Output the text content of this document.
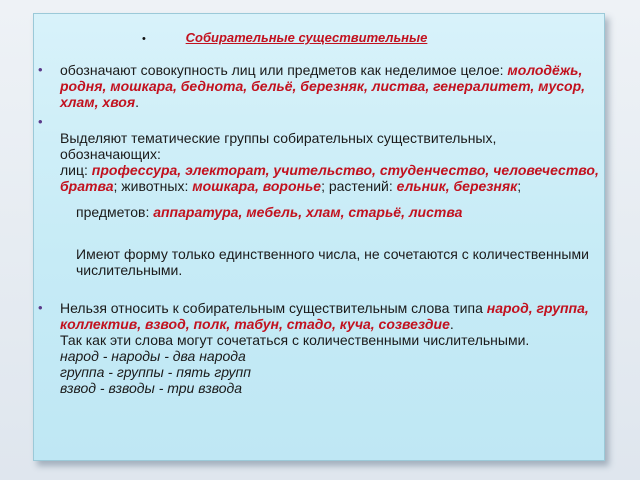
•	Собирательные существительные
• обозначают совокупность лиц или предметов как неделимое целое: молодёжь, родня, мошкара, беднота, бельё, березняк, листва, генералитет, мусор, хлам, хвоя.
•
Выделяют тематические группы собирательных существительных, обозначающих:
лиц: профессура, электорат, учительство, студенчество, человечество, братва; животных: мошкара, воронье; растений: ельник, березняк;
предметов: аппаратура, мебель, хлам, старьё, листва
Имеют форму только единственного числа, не сочетаются с количественными числительными.
• Нельзя относить к собирательным существительным слова типа народ, группа, коллектив, взвод, полк, табун, стадо, куча, созвездие.
Так как эти слова могут сочетаться с количественными числительными.
народ - народы - два народа
группа - группы - пять групп
взвод - взводы - три взвода
